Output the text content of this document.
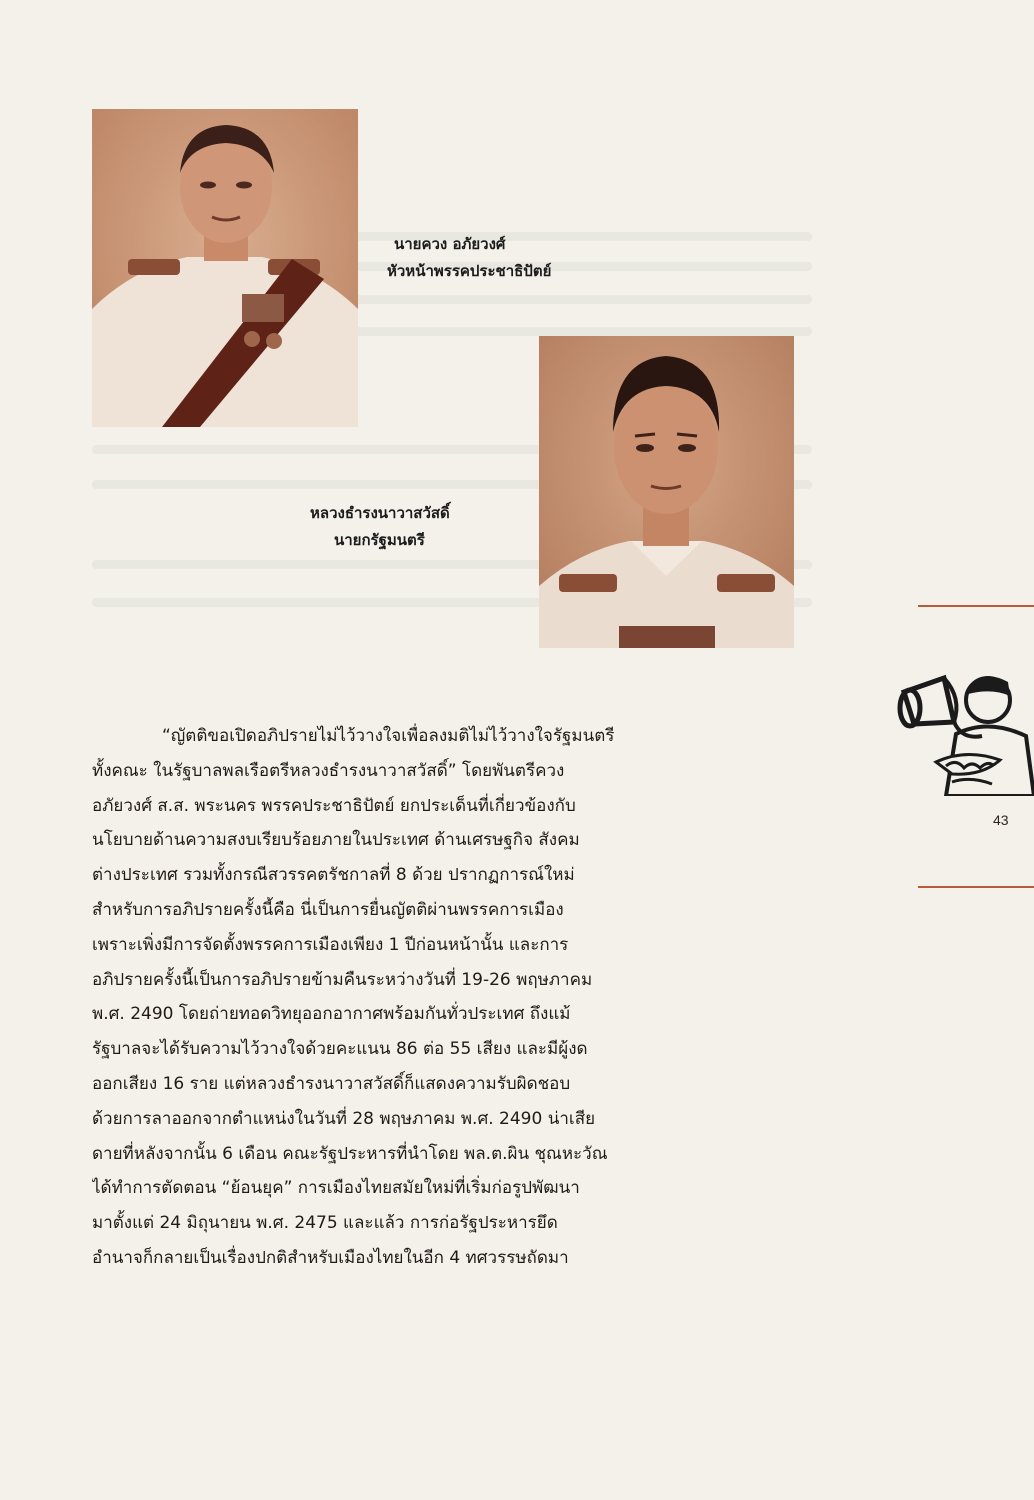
นายควง อภัยวงศ์
หัวหน้าพรรคประชาธิปัตย์
หลวงธำรงนาวาสวัสดิ์
นายกรัฐมนตรี
“ญัตติขอเปิดอภิปรายไม่ไว้วางใจเพื่อลงมติไม่ไว้วางใจรัฐมนตรี
ทั้งคณะ ในรัฐบาลพลเรือตรีหลวงธำรงนาวาสวัสดิ์” โดยพันตรีควง
อภัยวงศ์ ส.ส. พระนคร พรรคประชาธิปัตย์ ยกประเด็นที่เกี่ยวข้องกับ
นโยบายด้านความสงบเรียบร้อยภายในประเทศ ด้านเศรษฐกิจ สังคม
ต่างประเทศ รวมทั้งกรณีสวรรคตรัชกาลที่ 8 ด้วย ปรากฏการณ์ใหม่
สำหรับการอภิปรายครั้งนี้คือ นี่เป็นการยื่นญัตติผ่านพรรคการเมือง
เพราะเพิ่งมีการจัดตั้งพรรคการเมืองเพียง 1 ปีก่อนหน้านั้น และการ
อภิปรายครั้งนี้เป็นการอภิปรายข้ามคืนระหว่างวันที่ 19-26 พฤษภาคม
พ.ศ. 2490 โดยถ่ายทอดวิทยุออกอากาศพร้อมกันทั่วประเทศ ถึงแม้
รัฐบาลจะได้รับความไว้วางใจด้วยคะแนน 86 ต่อ 55 เสียง และมีผู้งด
ออกเสียง 16 ราย แต่หลวงธำรงนาวาสวัสดิ์ก็แสดงความรับผิดชอบ
ด้วยการลาออกจากตำแหน่งในวันที่ 28 พฤษภาคม พ.ศ. 2490 น่าเสีย
ดายที่หลังจากนั้น 6 เดือน คณะรัฐประหารที่นำโดย พล.ต.ผิน ชุณหะวัณ
ได้ทำการตัดตอน “ย้อนยุค” การเมืองไทยสมัยใหม่ที่เริ่มก่อรูปพัฒนา
มาตั้งแต่ 24 มิถุนายน พ.ศ. 2475 และแล้ว การก่อรัฐประหารยึด
อำนาจก็กลายเป็นเรื่องปกติสำหรับเมืองไทยในอีก 4 ทศวรรษถัดมา
43
